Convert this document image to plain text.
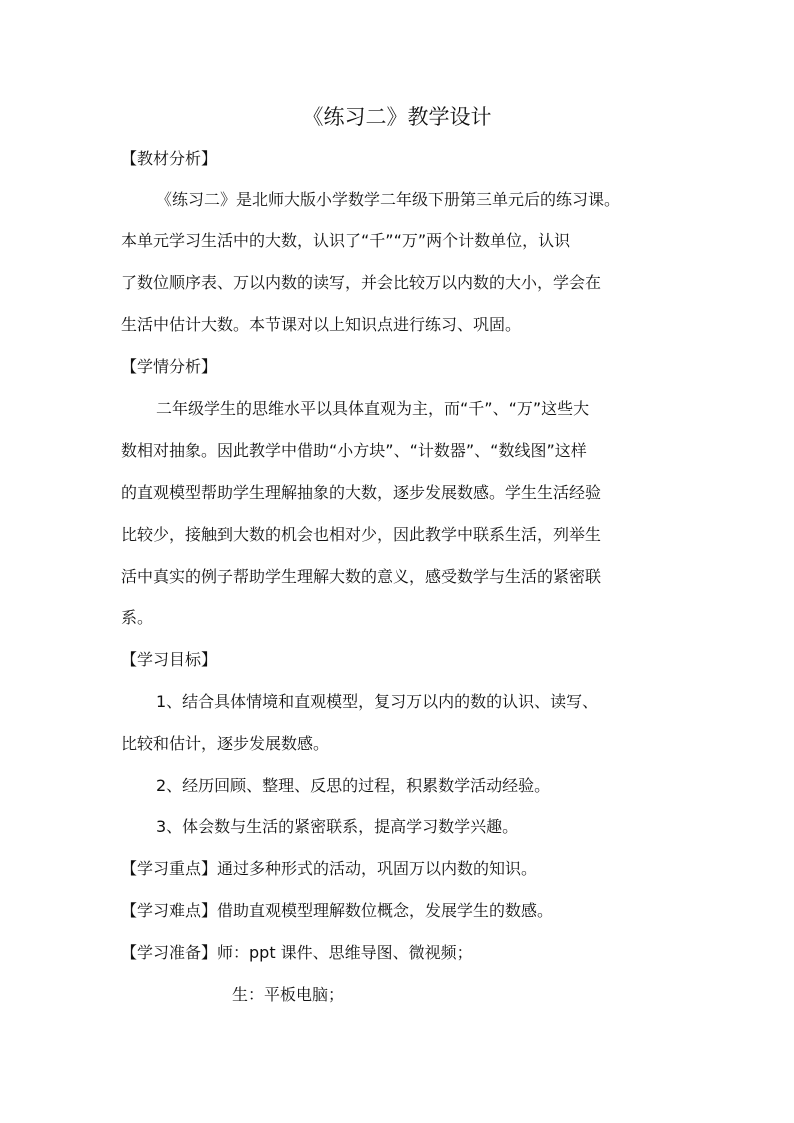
《练习二》教学设计
【教材分析】
《练习二》是北师大版小学数学二年级下册第三单元后的练习课。
本单元学习生活中的大数，认识了“千”“万”两个计数单位，认识
了数位顺序表、万以内数的读写，并会比较万以内数的大小，学会在
生活中估计大数。本节课对以上知识点进行练习、巩固。
【学情分析】
二年级学生的思维水平以具体直观为主，而“千”、“万”这些大
数相对抽象。因此教学中借助“小方块”、“计数器”、“数线图”这样
的直观模型帮助学生理解抽象的大数，逐步发展数感。学生生活经验
比较少，接触到大数的机会也相对少，因此教学中联系生活，列举生
活中真实的例子帮助学生理解大数的意义，感受数学与生活的紧密联
系。
【学习目标】
1、结合具体情境和直观模型，复习万以内的数的认识、读写、
比较和估计，逐步发展数感。
2、经历回顾、整理、反思的过程，积累数学活动经验。
3、体会数与生活的紧密联系，提高学习数学兴趣。
【学习重点】通过多种形式的活动，巩固万以内数的知识。
【学习难点】借助直观模型理解数位概念，发展学生的数感。
【学习准备】师：ppt 课件、思维导图、微视频；
生：平板电脑；
